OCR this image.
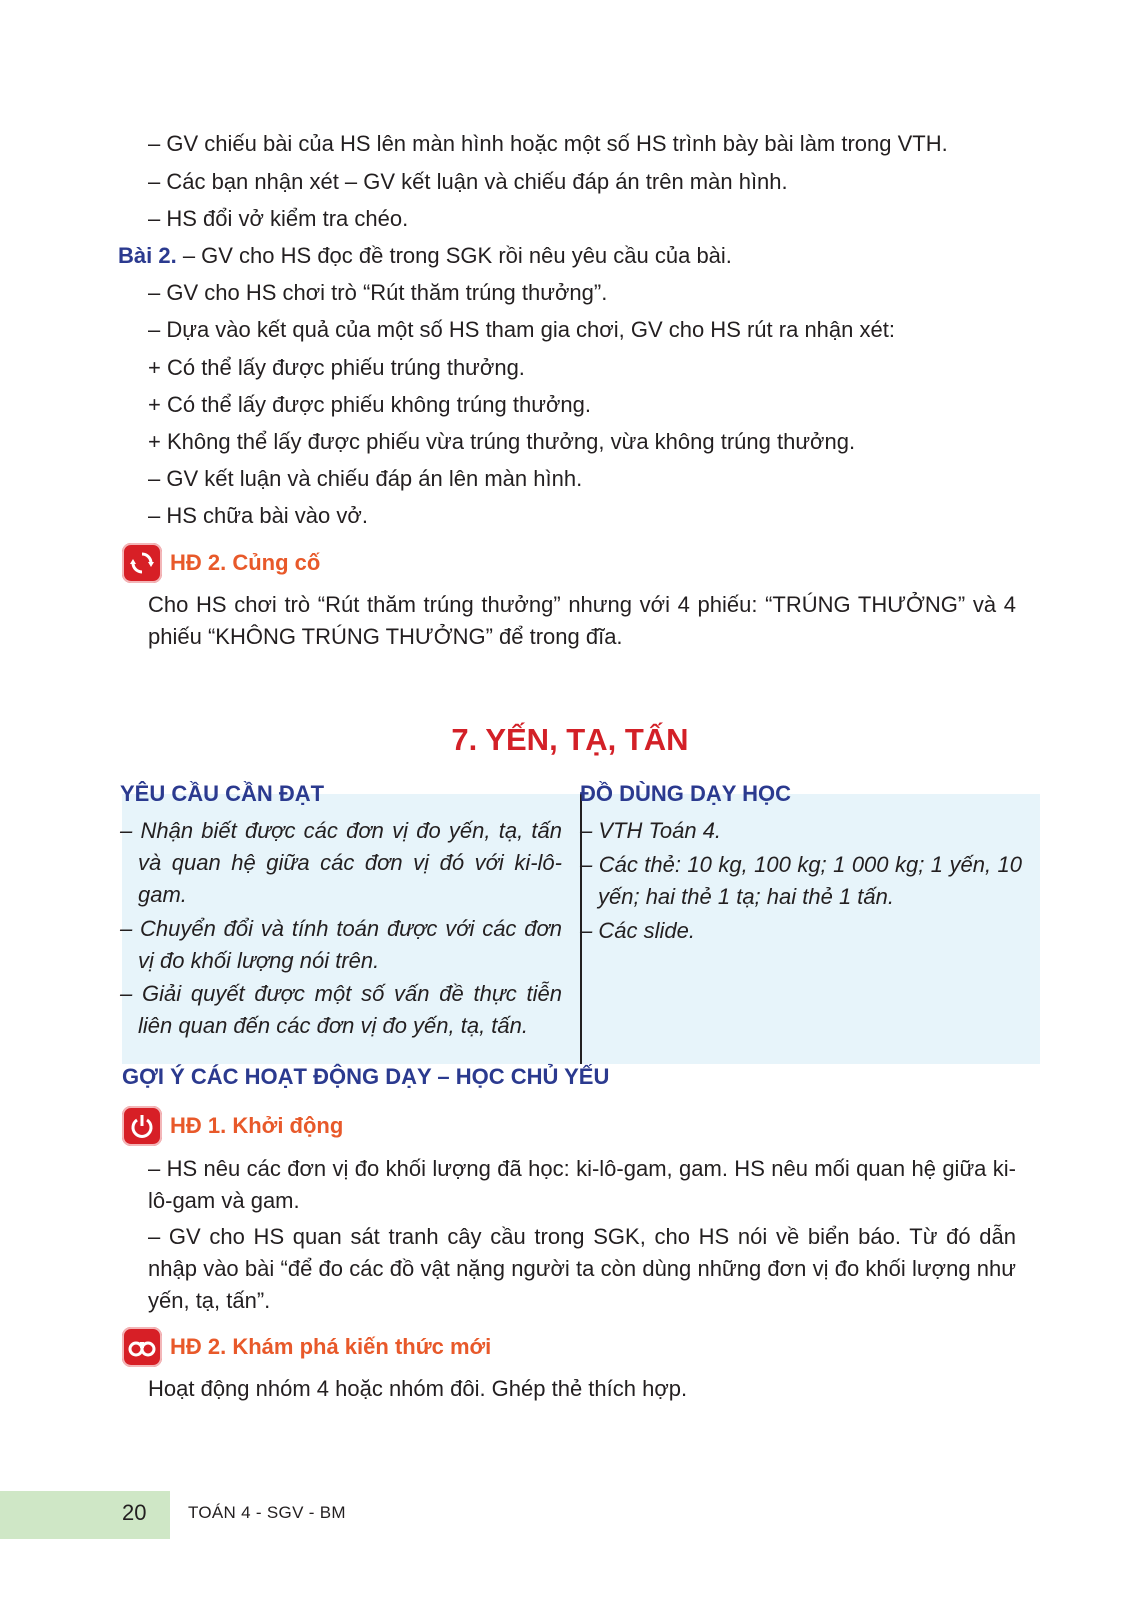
– GV chiếu bài của HS lên màn hình hoặc một số HS trình bày bài làm trong VTH.
– Các bạn nhận xét – GV kết luận và chiếu đáp án trên màn hình.
– HS đổi vở kiểm tra chéo.
Bài 2. – GV cho HS đọc đề trong SGK rồi nêu yêu cầu của bài.
– GV cho HS chơi trò “Rút thăm trúng thưởng”.
– Dựa vào kết quả của một số HS tham gia chơi, GV cho HS rút ra nhận xét:
+ Có thể lấy được phiếu trúng thưởng.
+ Có thể lấy được phiếu không trúng thưởng.
+ Không thể lấy được phiếu vừa trúng thưởng, vừa không trúng thưởng.
– GV kết luận và chiếu đáp án lên màn hình.
– HS chữa bài vào vở.
HĐ 2. Củng cố
Cho HS chơi trò “Rút thăm trúng thưởng” nhưng với 4 phiếu: “TRÚNG THƯỞNG” và 4 phiếu “KHÔNG TRÚNG THƯỞNG” để trong đĩa.
7. YẾN, TẠ, TẤN
YÊU CẦU CẦN ĐẠT
– Nhận biết được các đơn vị đo yến, tạ, tấn và quan hệ giữa các đơn vị đó với ki-lô-gam.
– Chuyển đổi và tính toán được với các đơn vị đo khối lượng nói trên.
– Giải quyết được một số vấn đề thực tiễn liên quan đến các đơn vị đo yến, tạ, tấn.
ĐỒ DÙNG DẠY HỌC
– VTH Toán 4.
– Các thẻ: 10 kg, 100 kg; 1 000 kg; 1 yến, 10 yến; hai thẻ 1 tạ; hai thẻ 1 tấn.
– Các slide.
GỢI Ý CÁC HOẠT ĐỘNG DẠY – HỌC CHỦ YẾU
HĐ 1. Khởi động
– HS nêu các đơn vị đo khối lượng đã học: ki-lô-gam, gam. HS nêu mối quan hệ giữa ki-lô-gam và gam.
– GV cho HS quan sát tranh cây cầu trong SGK, cho HS nói về biển báo. Từ đó dẫn nhập vào bài “để đo các đồ vật nặng người ta còn dùng những đơn vị đo khối lượng như yến, tạ, tấn”.
HĐ 2. Khám phá kiến thức mới
Hoạt động nhóm 4 hoặc nhóm đôi. Ghép thẻ thích hợp.
20 TOÁN 4 - SGV - BM
